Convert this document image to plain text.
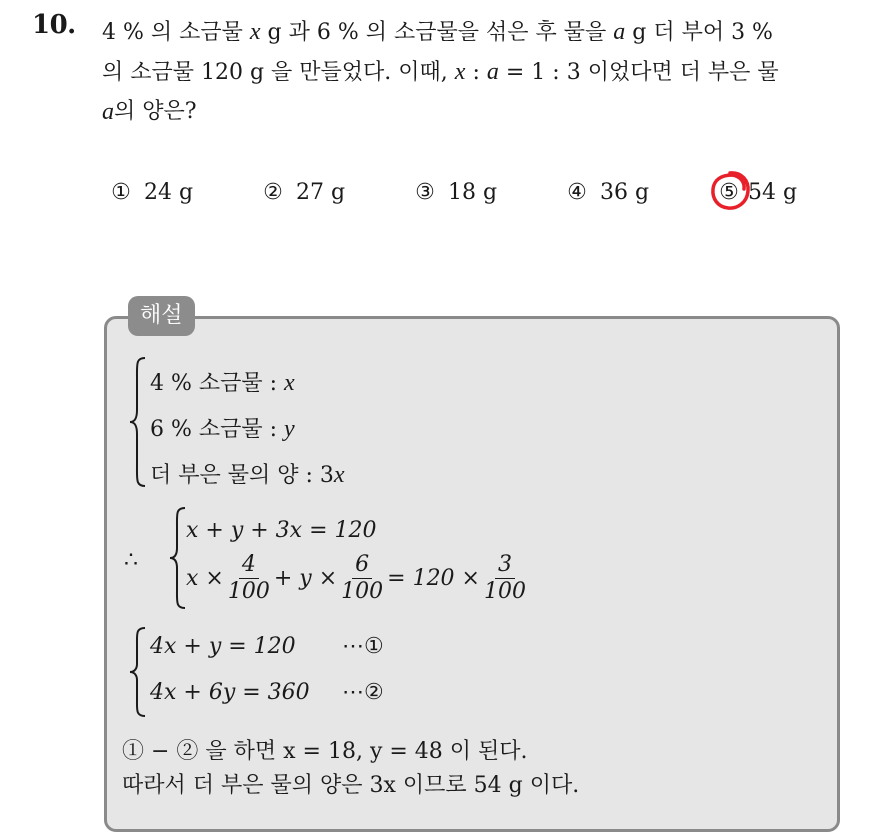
10. 4 % 의 소금물 x g 과 6 % 의 소금물을 섞은 후 물을 a g 더 부어 3 %
의 소금물 120 g 을 만들었다. 이때, x : a = 1 : 3 이었다면 더 부은 물
a 의 양은?
① 24 g	② 27 g	③ 18 g	④ 36 g	⑤ 54 g
해설
4 % 소금물 : x
6 % 소금물 : y
더 부은 물의 양 : 3x
∴
x + y + 3x = 120
$x \times \frac{4}{100} + y \times \frac{6}{100} = 120 \times \frac{3}{100}$
4x + y = 120 ⋯①
4x + 6y = 360 ⋯②
① − ② 을 하면 x = 18, y = 48 이 된다.
따라서 더 부은 물의 양은 3x 이므로 54 g 이다.
